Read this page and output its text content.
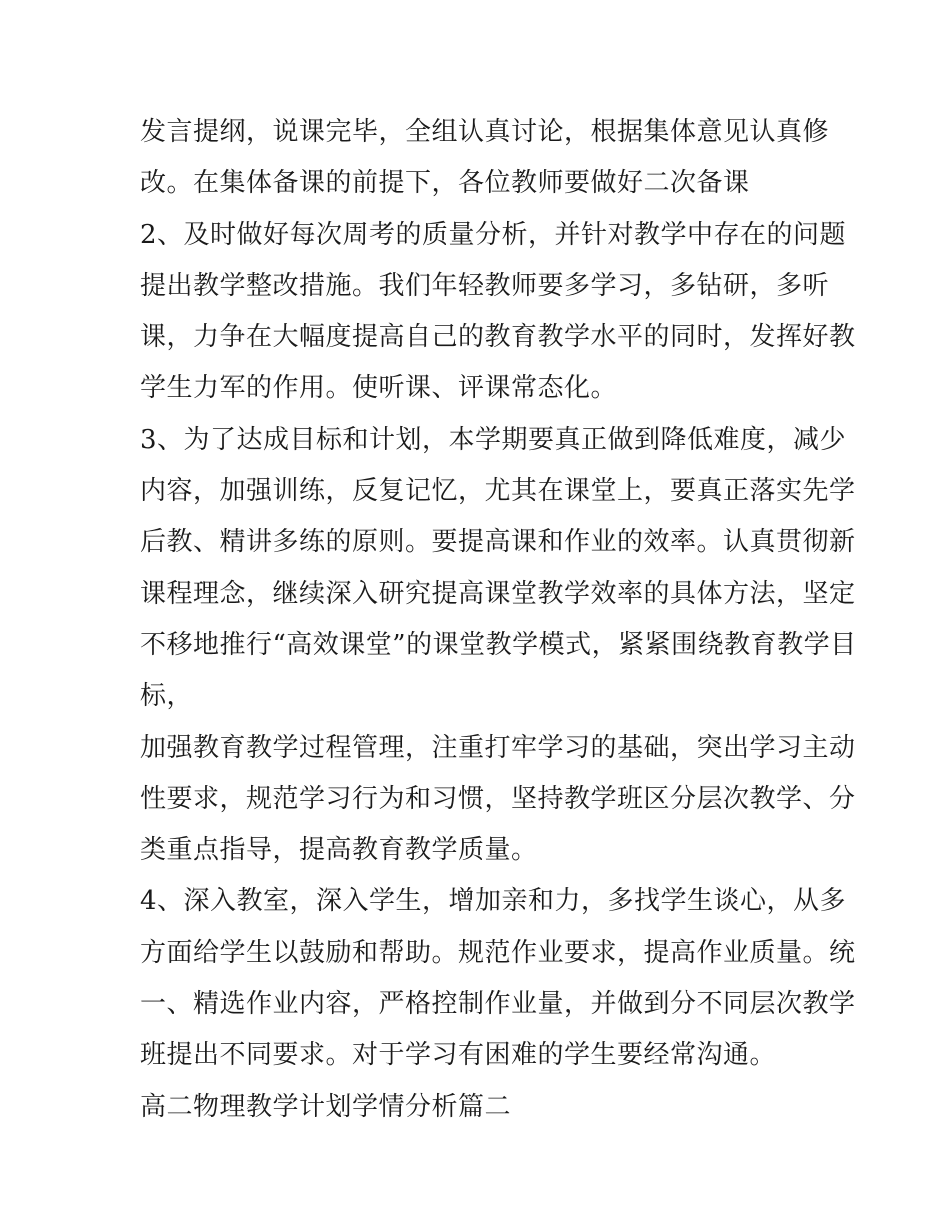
发言提纲，说课完毕，全组认真讨论，根据集体意见认真修
改。在集体备课的前提下，各位教师要做好二次备课
2、及时做好每次周考的质量分析，并针对教学中存在的问题
提出教学整改措施。我们年轻教师要多学习，多钻研，多听
课，力争在大幅度提高自己的教育教学水平的同时，发挥好教
学生力军的作用。使听课、评课常态化。
3、为了达成目标和计划，本学期要真正做到降低难度，减少
内容，加强训练，反复记忆，尤其在课堂上，要真正落实先学
后教、精讲多练的原则。要提高课和作业的效率。认真贯彻新
课程理念，继续深入研究提高课堂教学效率的具体方法，坚定
不移地推行“高效课堂”的课堂教学模式，紧紧围绕教育教学目
标，
加强教育教学过程管理，注重打牢学习的基础，突出学习主动
性要求，规范学习行为和习惯，坚持教学班区分层次教学、分
类重点指导，提高教育教学质量。
4、深入教室，深入学生，增加亲和力，多找学生谈心，从多
方面给学生以鼓励和帮助。规范作业要求，提高作业质量。统
一、精选作业内容，严格控制作业量，并做到分不同层次教学
班提出不同要求。对于学习有困难的学生要经常沟通。
高二物理教学计划学情分析篇二
